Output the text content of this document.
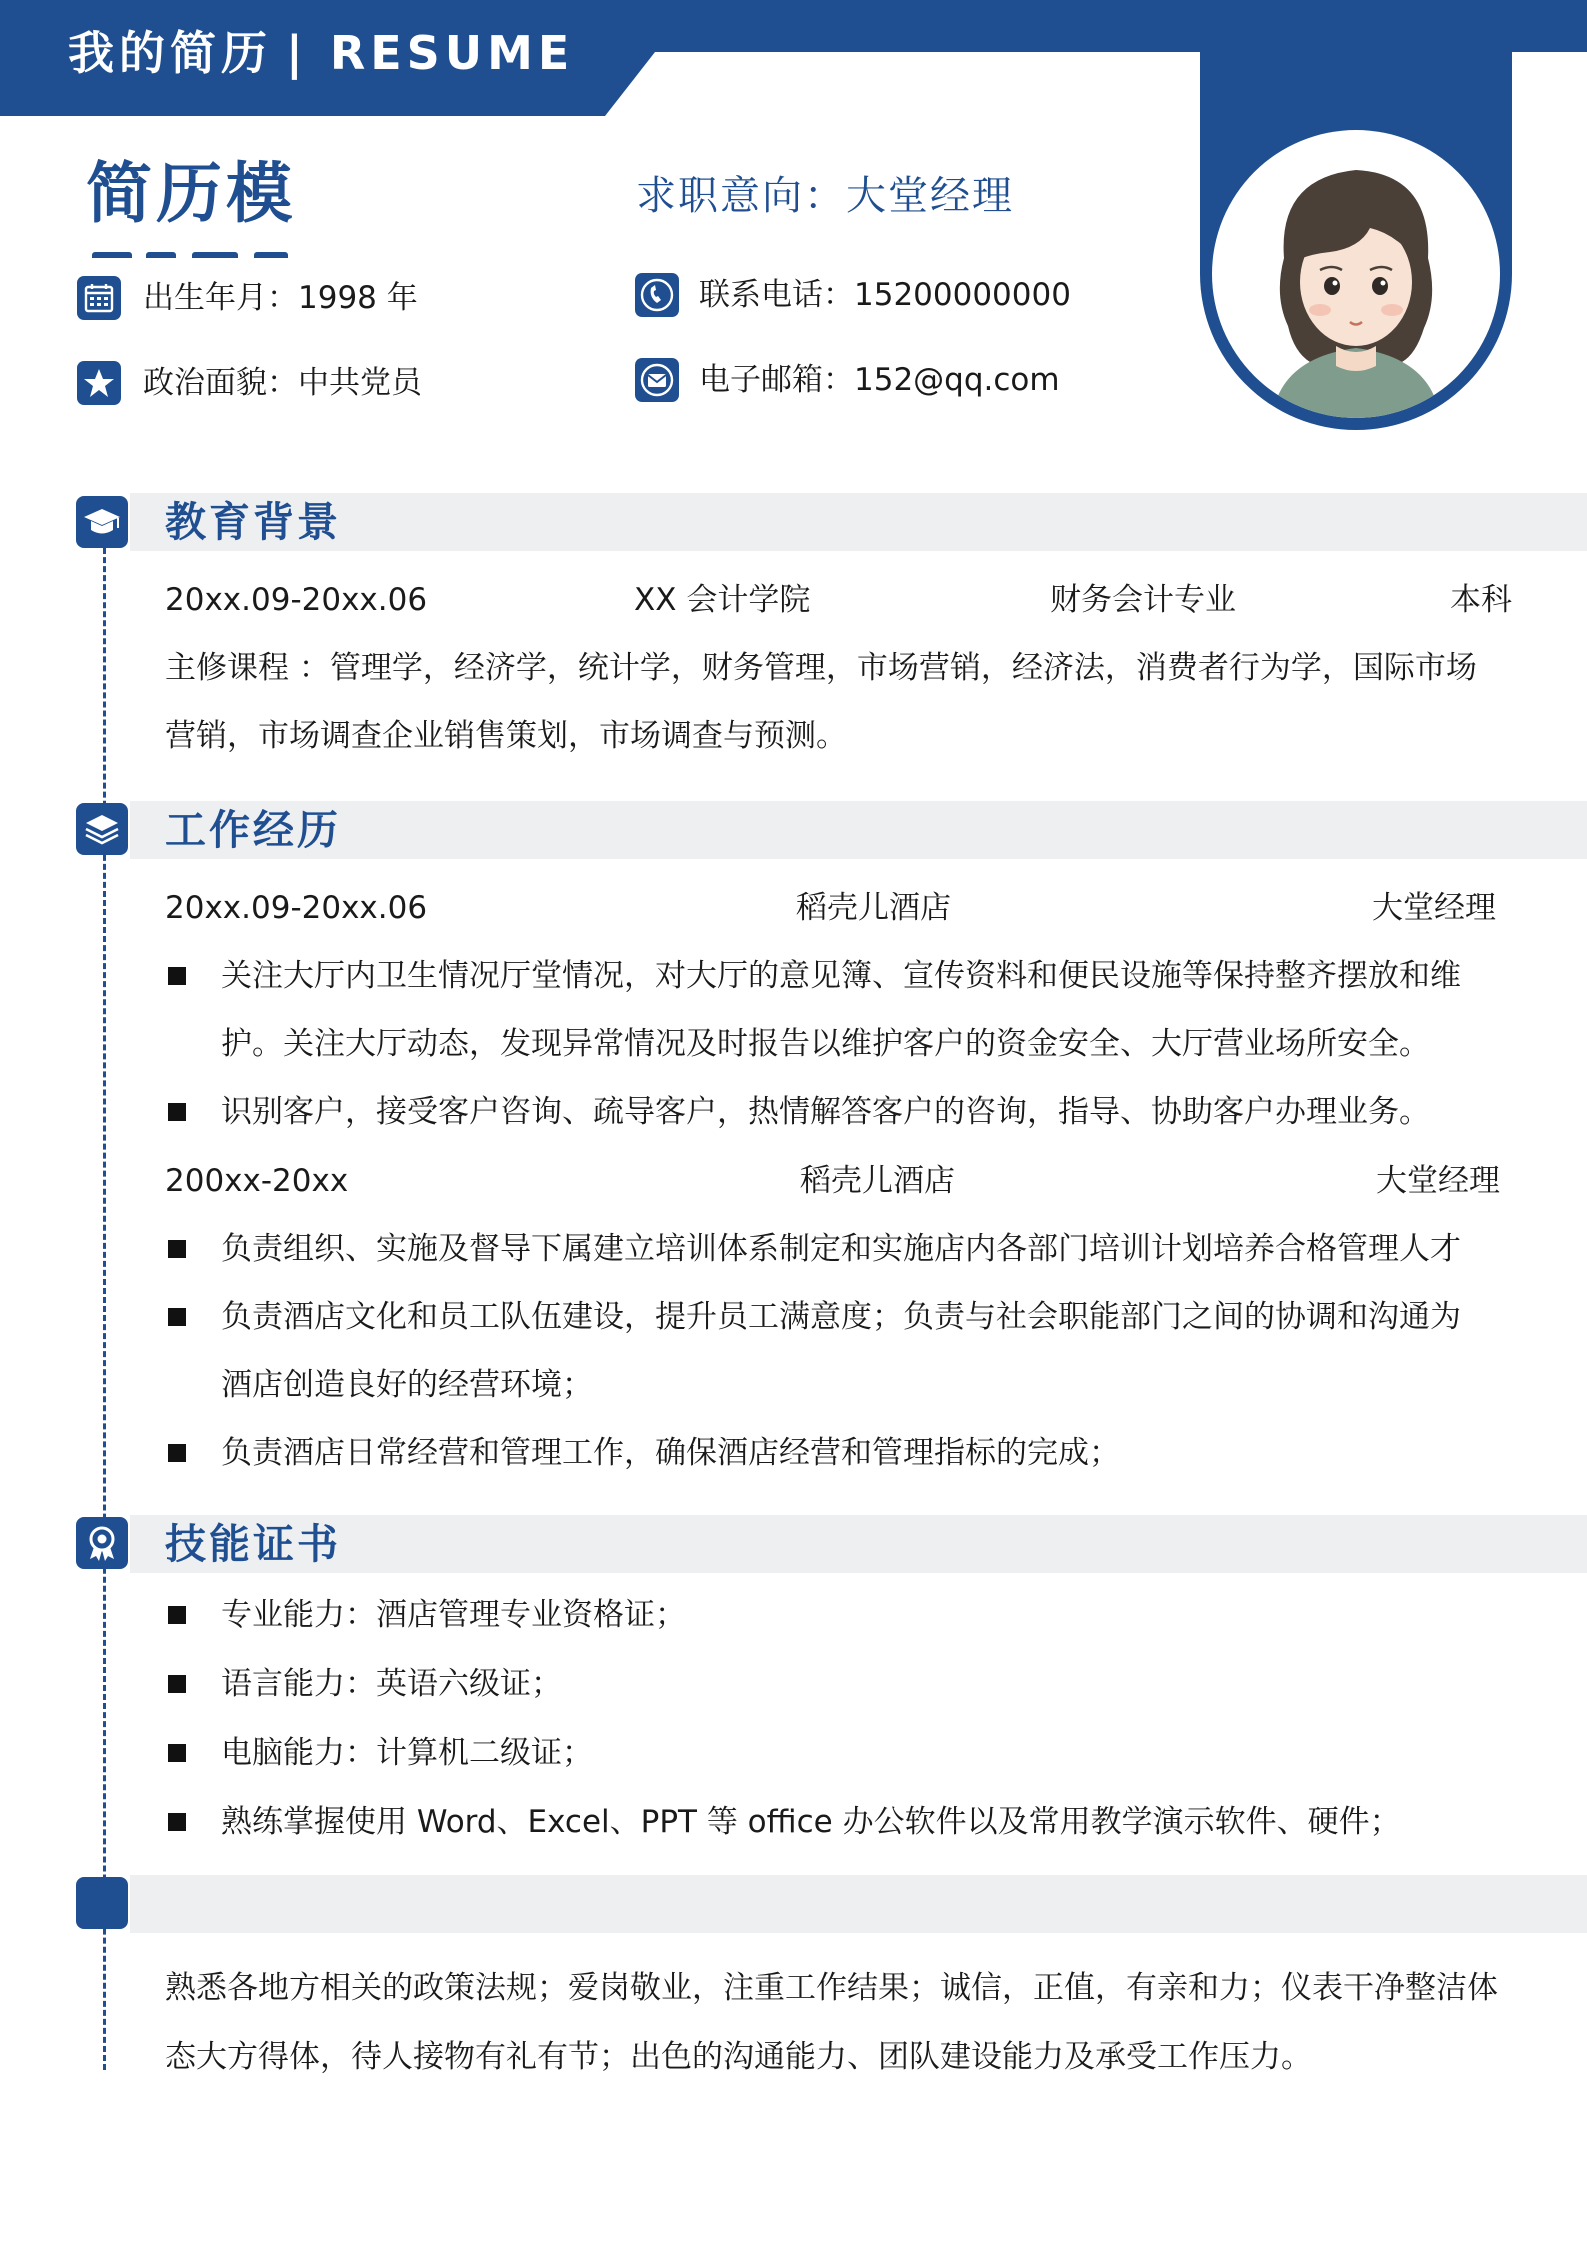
我的简历 | RESUME
简历模	求职意向：大堂经理
出生年月：1998 年	联系电话：15200000000
政治面貌：中共党员	电子邮箱：152@qq.com
教育背景
20xx.09-20xx.06	XX 会计学院	财务会计专业	本科
主修课程 ：管理学，经济学，统计学，财务管理，市场营销，经济法，消费者行为学，国际市场
营销，市场调查企业销售策划，市场调查与预测。
工作经历
20xx.09-20xx.06	稻壳儿酒店	大堂经理
关注大厅内卫生情况厅堂情况，对大厅的意见簿、宣传资料和便民设施等保持整齐摆放和维
护。关注大厅动态，发现异常情况及时报告以维护客户的资金安全、大厅营业场所安全。
识别客户，接受客户咨询、疏导客户，热情解答客户的咨询，指导、协助客户办理业务。
200xx-20xx	稻壳儿酒店	大堂经理
负责组织、实施及督导下属建立培训体系制定和实施店内各部门培训计划培养合格管理人才
负责酒店文化和员工队伍建设，提升员工满意度；负责与社会职能部门之间的协调和沟通为
酒店创造良好的经营环境；
负责酒店日常经营和管理工作，确保酒店经营和管理指标的完成；
技能证书
专业能力：酒店管理专业资格证；
语言能力：英语六级证；
电脑能力：计算机二级证；
熟练掌握使用 Word、Excel、PPT 等 office 办公软件以及常用教学演示软件、硬件；
熟悉各地方相关的政策法规；爱岗敬业，注重工作结果；诚信，正值，有亲和力；仪表干净整洁体
态大方得体，待人接物有礼有节；出色的沟通能力、团队建设能力及承受工作压力。
